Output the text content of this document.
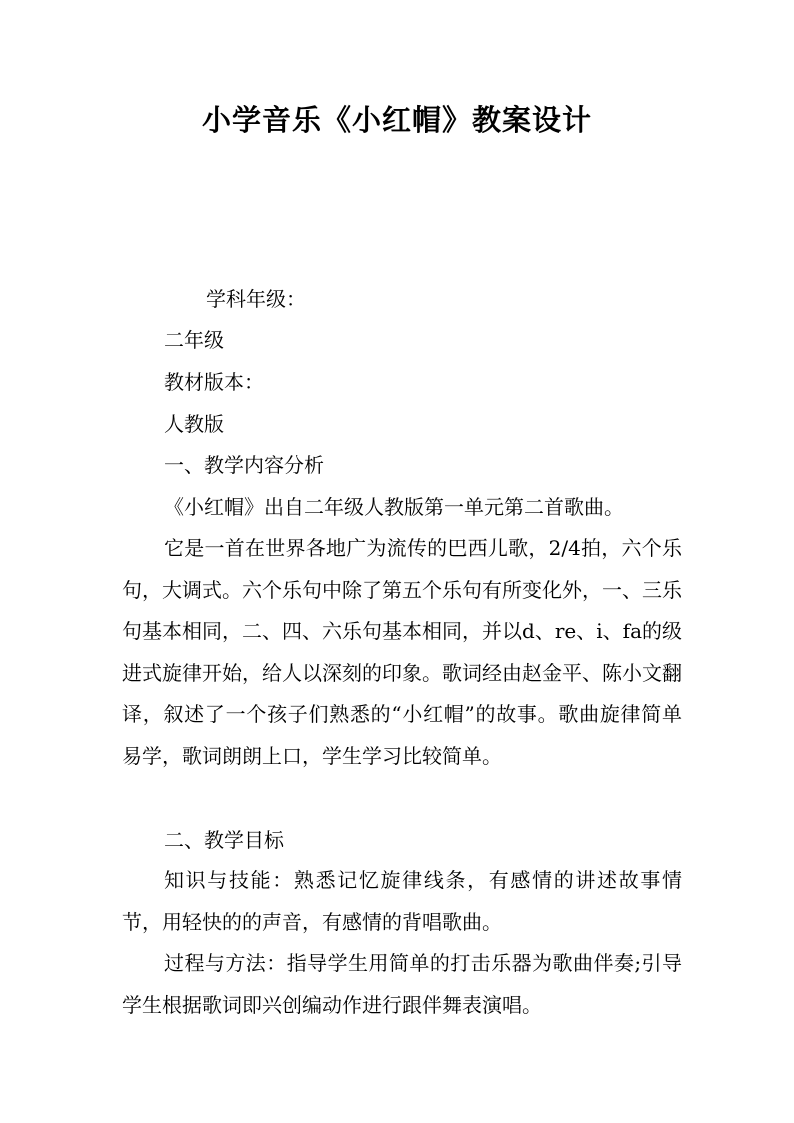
小学音乐《小红帽》教案设计

学科年级：

二年级

教材版本：

人教版

一、教学内容分析

《小红帽》出自二年级人教版第一单元第二首歌曲。

它是一首在世界各地广为流传的巴西儿歌，2/4拍，六个乐句，大调式。六个乐句中除了第五个乐句有所变化外，一、三乐句基本相同，二、四、六乐句基本相同，并以d、re、i、fa的级进式旋律开始，给人以深刻的印象。歌词经由赵金平、陈小文翻译，叙述了一个孩子们熟悉的“小红帽”的故事。歌曲旋律简单易学，歌词朗朗上口，学生学习比较简单。

二、教学目标

知识与技能：熟悉记忆旋律线条，有感情的讲述故事情节，用轻快的的声音，有感情的背唱歌曲。

过程与方法：指导学生用简单的打击乐器为歌曲伴奏;引导学生根据歌词即兴创编动作进行跟伴舞表演唱。
